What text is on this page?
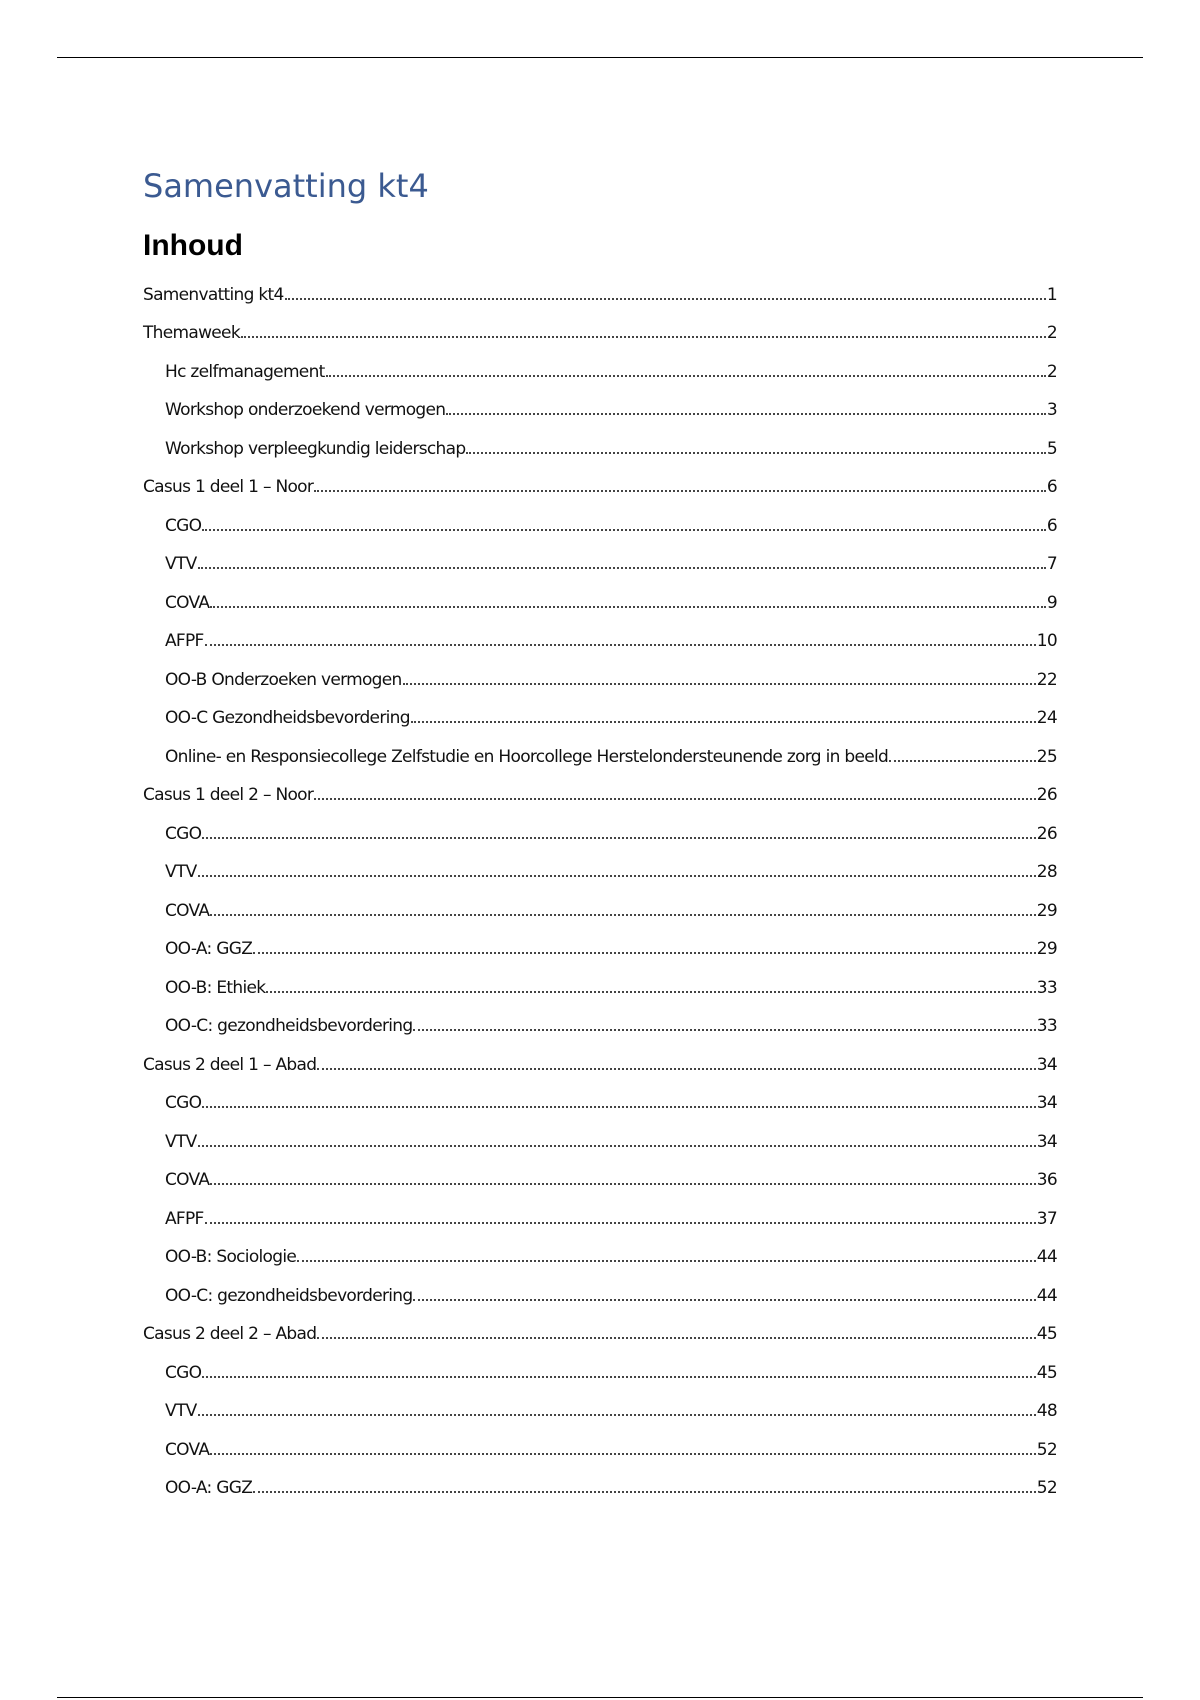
Samenvatting kt4
Inhoud
Samenvatting kt4	1
Themaweek	2
Hc zelfmanagement	2
Workshop onderzoekend vermogen	3
Workshop verpleegkundig leiderschap	5
Casus 1 deel 1 – Noor	6
CGO	6
VTV	7
COVA	9
AFPF	10
OO-B Onderzoeken vermogen	22
OO-C Gezondheidsbevordering	24
Online- en Responsiecollege Zelfstudie en Hoorcollege Herstelondersteunende zorg in beeld	25
Casus 1 deel 2 – Noor	26
CGO	26
VTV	28
COVA	29
OO-A: GGZ	29
OO-B: Ethiek	33
OO-C: gezondheidsbevordering	33
Casus 2 deel 1 – Abad	34
CGO	34
VTV	34
COVA	36
AFPF	37
OO-B: Sociologie	44
OO-C: gezondheidsbevordering	44
Casus 2 deel 2 – Abad	45
CGO	45
VTV	48
COVA	52
OO-A: GGZ	52
